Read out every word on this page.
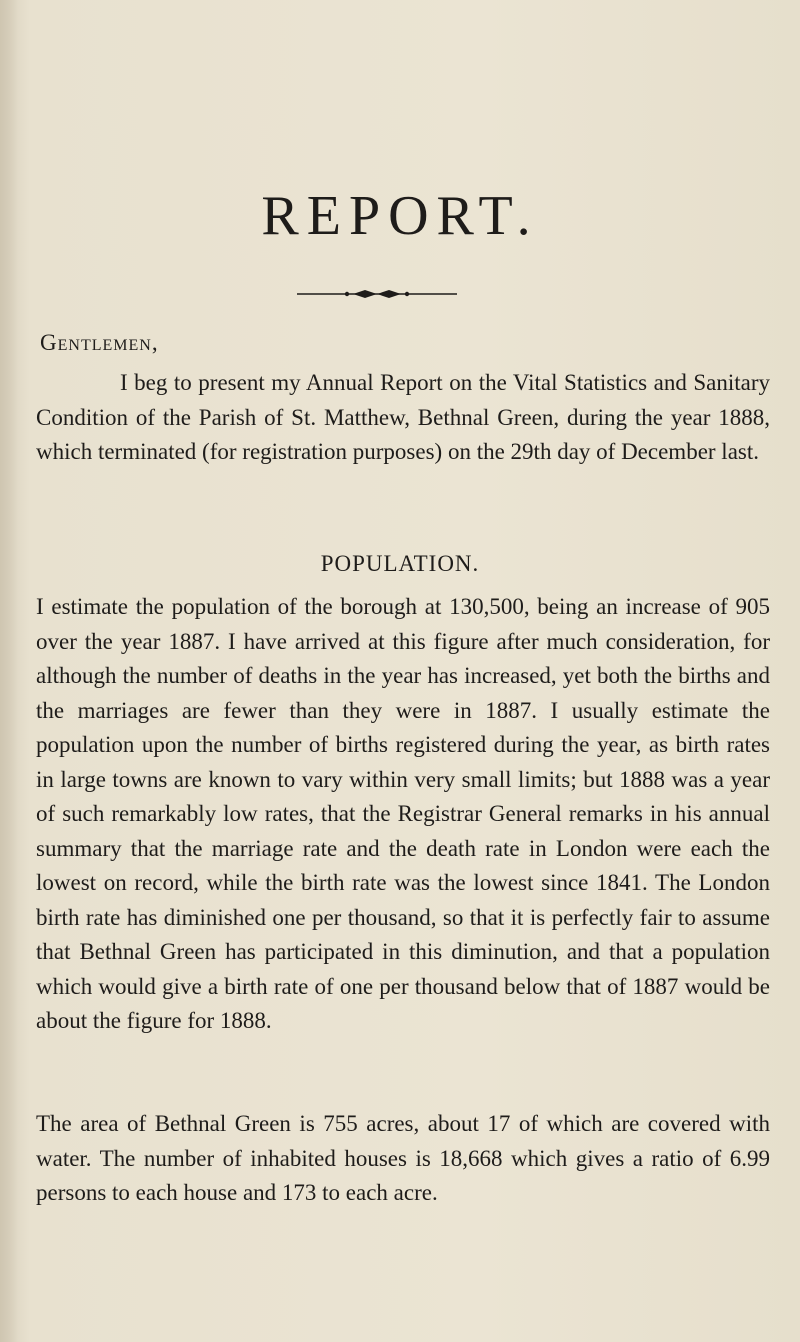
REPORT.
Gentlemen,

I beg to present my Annual Report on the Vital Statistics and Sanitary Condition of the Parish of St. Matthew, Bethnal Green, during the year 1888, which terminated (for registration purposes) on the 29th day of December last.

POPULATION.

I estimate the population of the borough at 130,500, being an increase of 905 over the year 1887. I have arrived at this figure after much consideration, for although the number of deaths in the year has increased, yet both the births and the marriages are fewer than they were in 1887. I usually estimate the population upon the number of births registered during the year, as birth rates in large towns are known to vary within very small limits; but 1888 was a year of such remarkably low rates, that the Registrar General remarks in his annual summary that the marriage rate and the death rate in London were each the lowest on record, while the birth rate was the lowest since 1841. The London birth rate has diminished one per thousand, so that it is perfectly fair to assume that Bethnal Green has participated in this diminution, and that a population which would give a birth rate of one per thousand below that of 1887 would be about the figure for 1888.

The area of Bethnal Green is 755 acres, about 17 of which are covered with water. The number of inhabited houses is 18,668 which gives a ratio of 6.99 persons to each house and 173 to each acre.
